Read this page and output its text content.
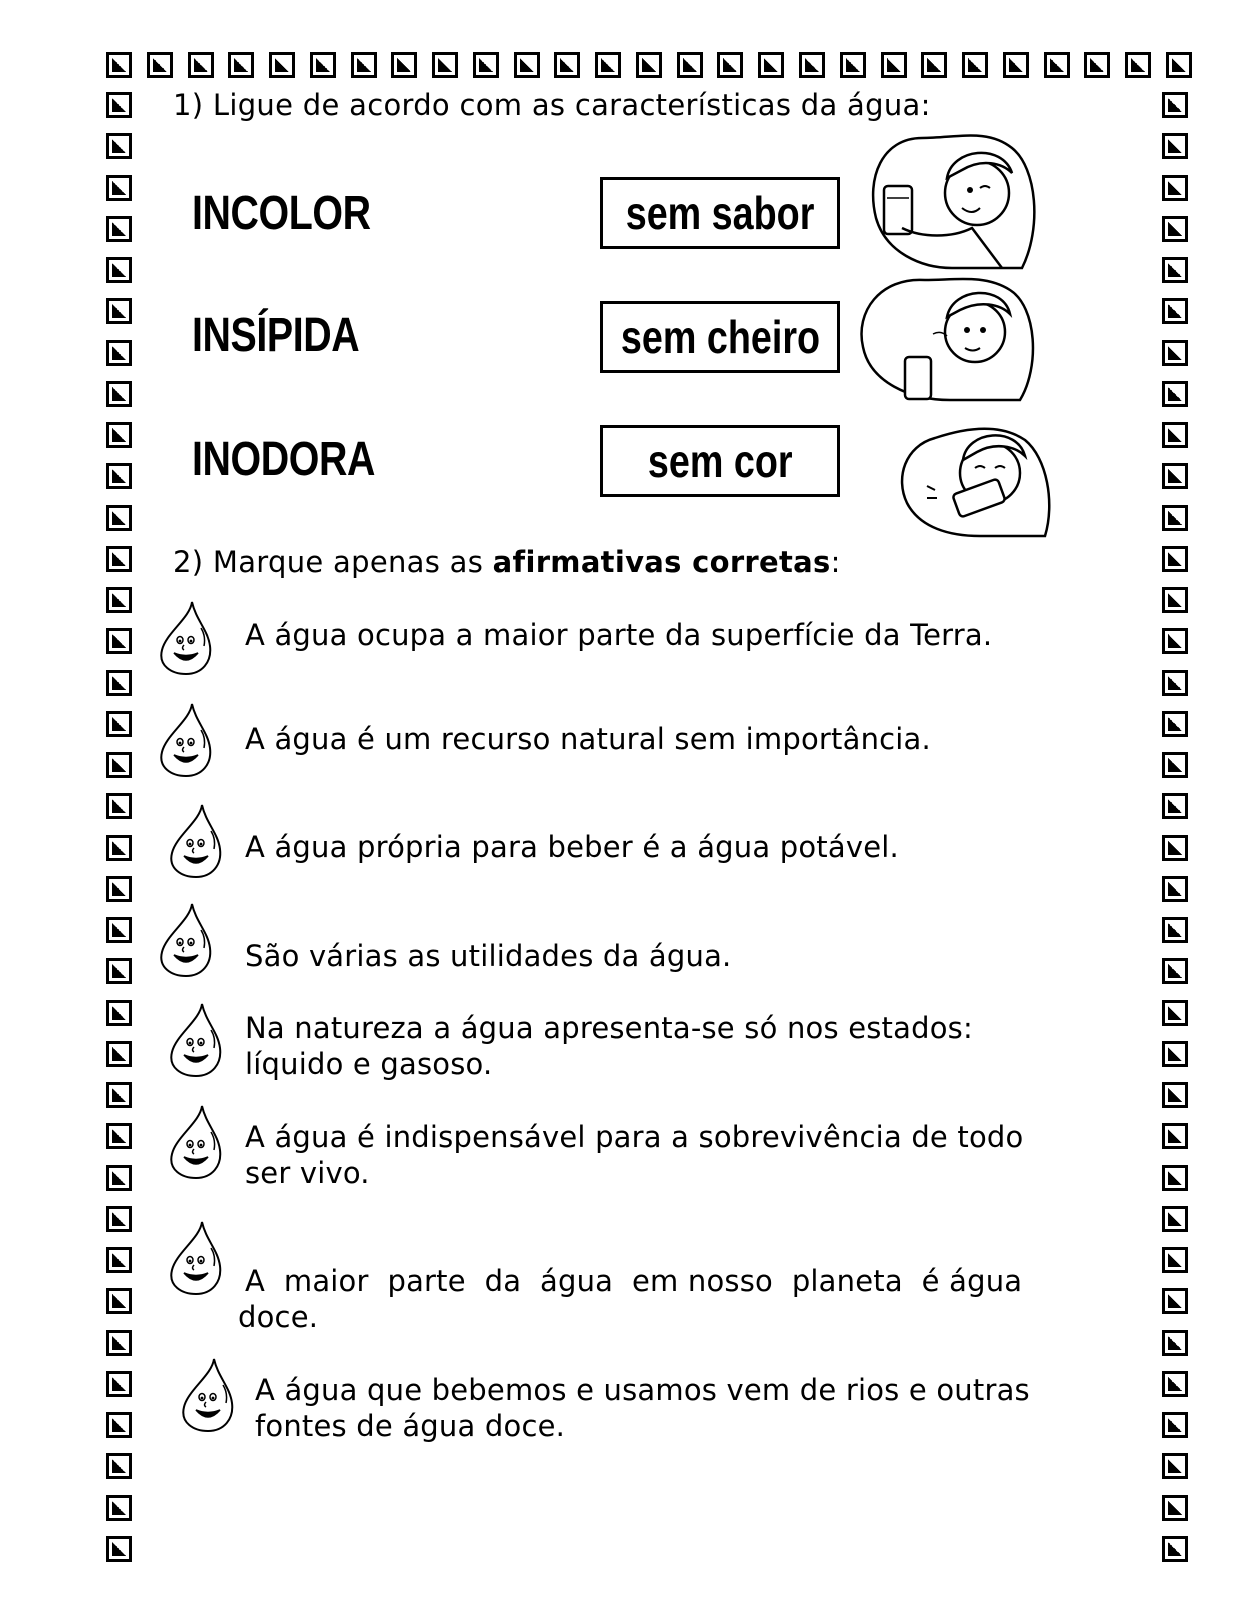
1) Ligue de acordo com as características da água:
INCOLOR
INSÍPIDA
INODORA
sem sabor
sem cheiro
sem cor
2) Marque apenas as afirmativas corretas:
A água ocupa a maior parte da superfície da Terra.
A água é um recurso natural sem importância.
A água própria para beber é a água potável.
São várias as utilidades da água.
Na natureza a água apresenta-se só nos estados:
líquido e gasoso.
A água é indispensável para a sobrevivência de todo
ser vivo.
A  maior  parte  da  água  em nosso  planeta  é água
doce.
A água que bebemos e usamos vem de rios e outras
fontes de água doce.
